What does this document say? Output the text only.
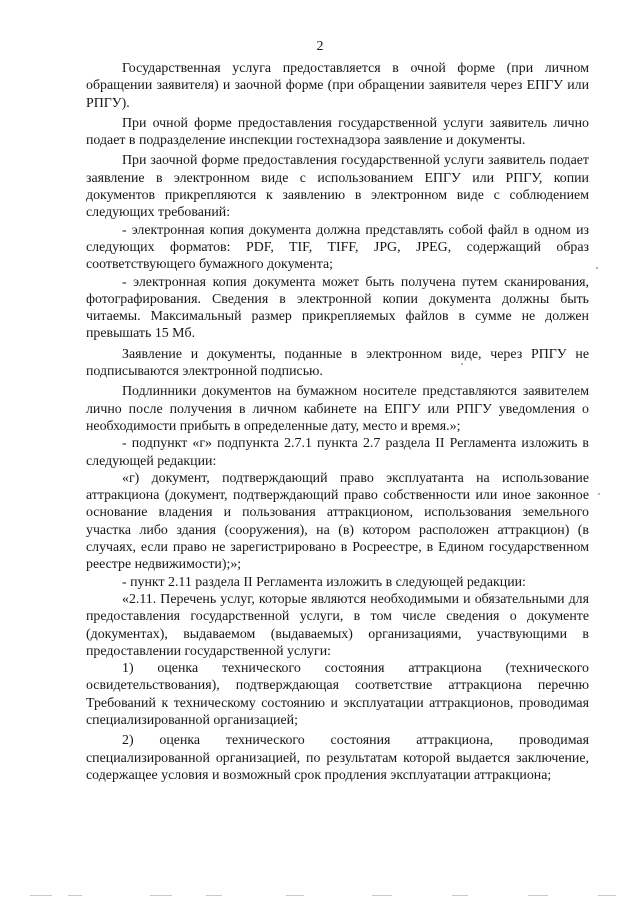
2

Государственная услуга предоставляется в очной форме (при личном обращении заявителя) и заочной форме (при обращении заявителя через ЕПГУ или РПГУ).

При очной форме предоставления государственной услуги заявитель лично подает в подразделение инспекции гостехнадзора заявление и документы.

При заочной форме предоставления государственной услуги заявитель подает заявление в электронном виде с использованием ЕПГУ или РПГУ, копии документов прикрепляются к заявлению в электронном виде с соблюдением следующих требований:

- электронная копия документа должна представлять собой файл в одном из следующих форматов: PDF, TIF, TIFF, JPG, JPEG, содержащий образ соответствующего бумажного документа;

- электронная копия документа может быть получена путем сканирования, фотографирования. Сведения в электронной копии документа должны быть читаемы. Максимальный размер прикрепляемых файлов в сумме не должен превышать 15 Мб.

Заявление и документы, поданные в электронном виде, через РПГУ не подписываются электронной подписью.

Подлинники документов на бумажном носителе представляются заявителем лично после получения в личном кабинете на ЕПГУ или РПГУ уведомления о необходимости прибыть в определенные дату, место и время.»;

- подпункт «г» подпункта 2.7.1 пункта 2.7 раздела II Регламента изложить в следующей редакции:

«г) документ, подтверждающий право эксплуатанта на использование аттракциона (документ, подтверждающий право собственности или иное законное основание владения и пользования аттракционом, использования земельного участка либо здания (сооружения), на (в) котором расположен аттракцион) (в случаях, если право не зарегистрировано в Росреестре, в Едином государственном реестре недвижимости);»;

- пункт 2.11 раздела II Регламента изложить в следующей редакции:

«2.11. Перечень услуг, которые являются необходимыми и обязательными для предоставления государственной услуги, в том числе сведения о документе (документах), выдаваемом (выдаваемых) организациями, участвующими в предоставлении государственной услуги:

1) оценка технического состояния аттракциона (технического освидетельствования), подтверждающая соответствие аттракциона перечню Требований к техническому состоянию и эксплуатации аттракционов, проводимая специализированной организацией;

2) оценка технического состояния аттракциона, проводимая специализированной организацией, по результатам которой выдается заключение, содержащее условия и возможный срок продления эксплуатации аттракциона;
